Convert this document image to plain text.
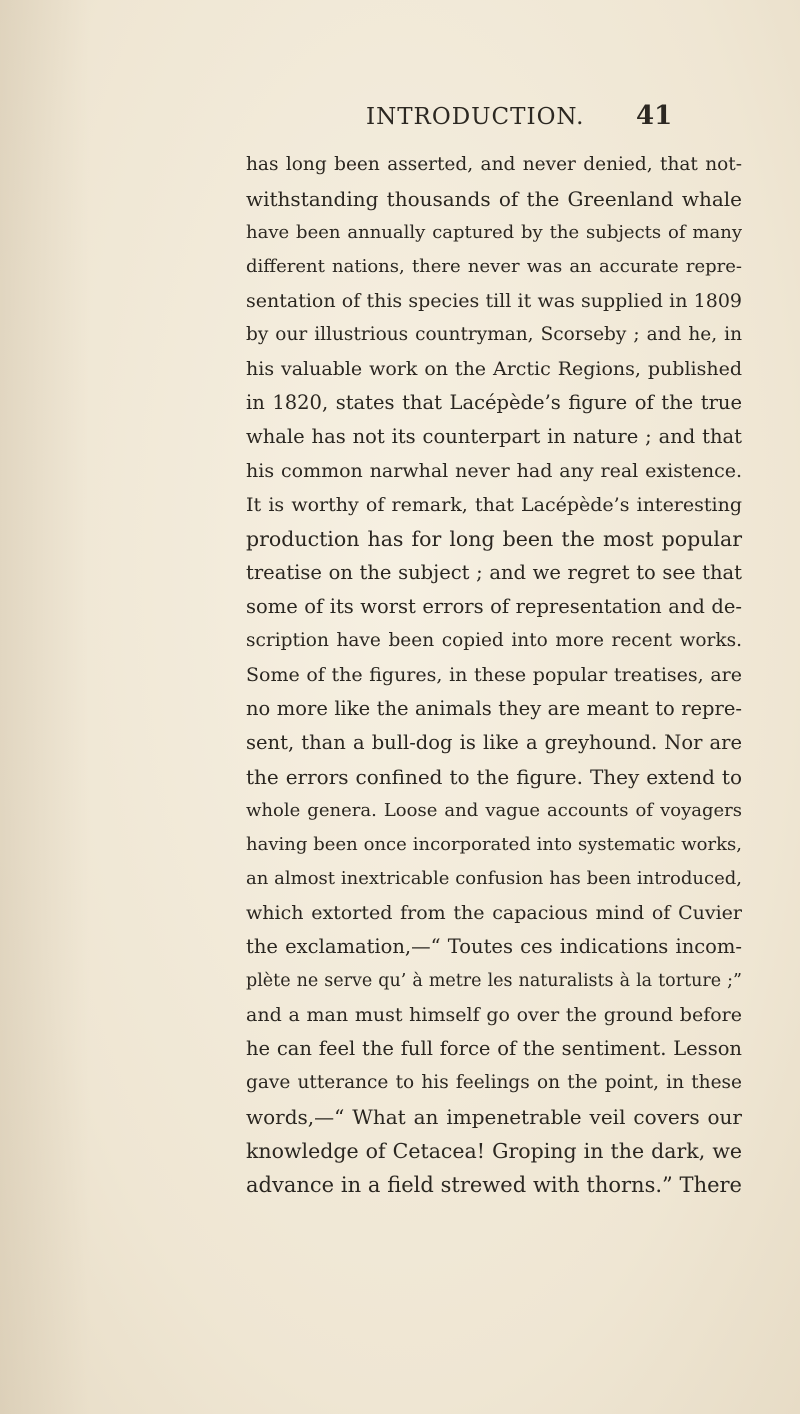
INTRODUCTION. 41
has long been asserted, and never denied, that not-
withstanding thousands of the Greenland whale
have been annually captured by the subjects of many
different nations, there never was an accurate repre-
sentation of this species till it was supplied in 1809
by our illustrious countryman, Scorseby ; and he, in
his valuable work on the Arctic Regions, published
in 1820, states that Lacépède’s figure of the true
whale has not its counterpart in nature ; and that
his common narwhal never had any real existence.
It is worthy of remark, that Lacépède’s interesting
production has for long been the most popular
treatise on the subject ; and we regret to see that
some of its worst errors of representation and de-
scription have been copied into more recent works.
Some of the figures, in these popular treatises, are
no more like the animals they are meant to repre-
sent, than a bull-dog is like a greyhound. Nor are
the errors confined to the figure. They extend to
whole genera. Loose and vague accounts of voyagers
having been once incorporated into systematic works,
an almost inextricable confusion has been introduced,
which extorted from the capacious mind of Cuvier
the exclamation,—“ Toutes ces indications incom-
plète ne serve qu’ à metre les naturalists à la torture ;”
and a man must himself go over the ground before
he can feel the full force of the sentiment. Lesson
gave utterance to his feelings on the point, in these
words,—“ What an impenetrable veil covers our
knowledge of Cetacea! Groping in the dark, we
advance in a field strewed with thorns.” There
